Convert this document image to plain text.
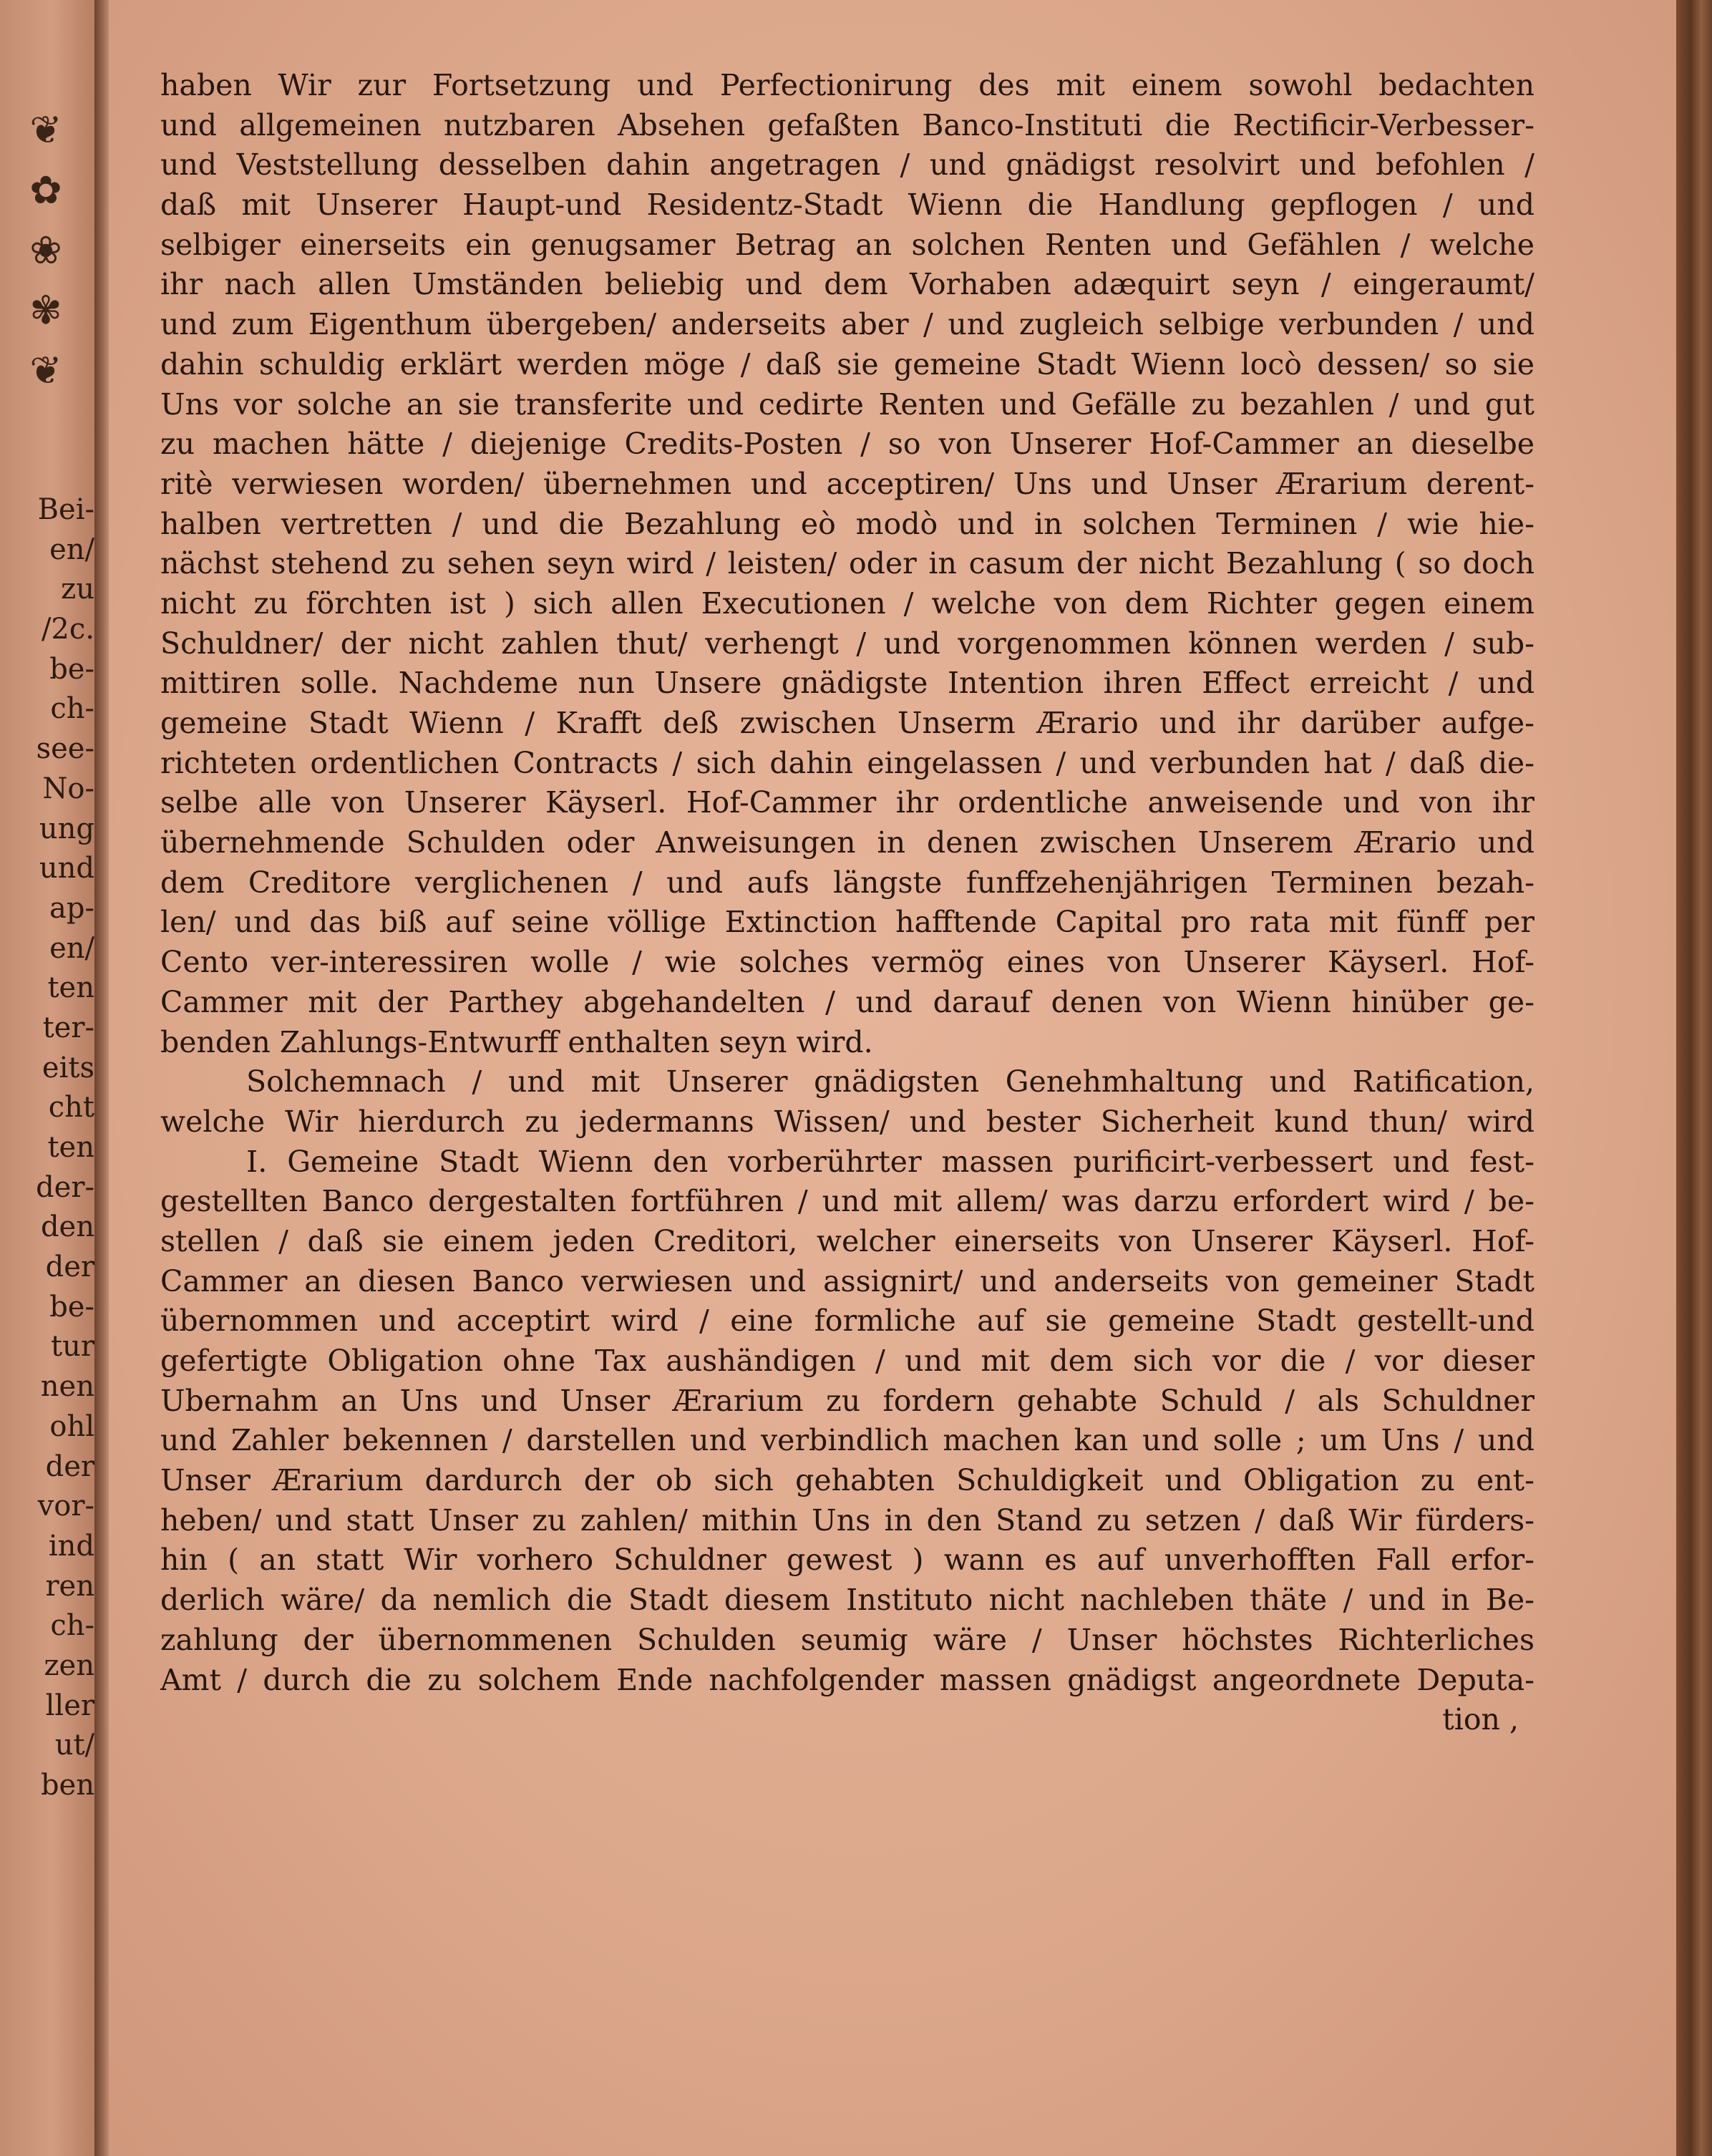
❦
✿
❀
✾
❦
Bei-
en/
zu
/2c.
be-
ch-
see-
No-
ung
und
ap-
en/
ten
ter-
eits
cht
ten
der-
den
der
be-
tur
nen
ohl
der
vor-
ind
ren
ch-
zen
ller
ut/
ben
haben Wir zur Fortsetzung und Perfectionirung des mit einem sowohl bedachten
und allgemeinen nutzbaren Absehen gefaßten Banco-Instituti die Rectificir-Verbesser-
und Veststellung desselben dahin angetragen / und gnädigst resolvirt und befohlen /
daß mit Unserer Haupt-und Residentz-Stadt Wienn die Handlung gepflogen / und
selbiger einerseits ein genugsamer Betrag an solchen Renten und Gefählen / welche
ihr nach allen Umständen beliebig und dem Vorhaben adæquirt seyn / eingeraumt/
und zum Eigenthum übergeben/ anderseits aber / und zugleich selbige verbunden / und
dahin schuldig erklärt werden möge / daß sie gemeine Stadt Wienn locò dessen/ so sie
Uns vor solche an sie transferite und cedirte Renten und Gefälle zu bezahlen / und gut
zu machen hätte / diejenige Credits-Posten / so von Unserer Hof-Cammer an dieselbe
ritè verwiesen worden/ übernehmen und acceptiren/ Uns und Unser Ærarium derent-
halben vertretten / und die Bezahlung eò modò und in solchen Terminen / wie hie-
nächst stehend zu sehen seyn wird / leisten/ oder in casum der nicht Bezahlung ( so doch
nicht zu förchten ist ) sich allen Executionen / welche von dem Richter gegen einem
Schuldner/ der nicht zahlen thut/ verhengt / und vorgenommen können werden / sub-
mittiren solle. Nachdeme nun Unsere gnädigste Intention ihren Effect erreicht / und
gemeine Stadt Wienn / Krafft deß zwischen Unserm Ærario und ihr darüber aufge-
richteten ordentlichen Contracts / sich dahin eingelassen / und verbunden hat / daß die-
selbe alle von Unserer Käyserl. Hof-Cammer ihr ordentliche anweisende und von ihr
übernehmende Schulden oder Anweisungen in denen zwischen Unserem Ærario und
dem Creditore verglichenen / und aufs längste funffzehenjährigen Terminen bezah-
len/ und das biß auf seine völlige Extinction hafftende Capital pro rata mit fünff per
Cento ver-interessiren wolle / wie solches vermög eines von Unserer Käyserl. Hof-
Cammer mit der Parthey abgehandelten / und darauf denen von Wienn hinüber ge-
benden Zahlungs-Entwurff enthalten seyn wird.
Solchemnach / und mit Unserer gnädigsten Genehmhaltung und Ratification,
welche Wir hierdurch zu jedermanns Wissen/ und bester Sicherheit kund thun/ wird
I. Gemeine Stadt Wienn den vorberührter massen purificirt-verbessert und fest-
gestellten Banco dergestalten fortführen / und mit allem/ was darzu erfordert wird / be-
stellen / daß sie einem jeden Creditori, welcher einerseits von Unserer Käyserl. Hof-
Cammer an diesen Banco verwiesen und assignirt/ und anderseits von gemeiner Stadt
übernommen und acceptirt wird / eine formliche auf sie gemeine Stadt gestellt-und
gefertigte Obligation ohne Tax aushändigen / und mit dem sich vor die / vor dieser
Ubernahm an Uns und Unser Ærarium zu fordern gehabte Schuld / als Schuldner
und Zahler bekennen / darstellen und verbindlich machen kan und solle ; um Uns / und
Unser Ærarium dardurch der ob sich gehabten Schuldigkeit und Obligation zu ent-
heben/ und statt Unser zu zahlen/ mithin Uns in den Stand zu setzen / daß Wir fürders-
hin ( an statt Wir vorhero Schuldner gewest ) wann es auf unverhofften Fall erfor-
derlich wäre/ da nemlich die Stadt diesem Instituto nicht nachleben thäte / und in Be-
zahlung der übernommenen Schulden seumig wäre / Unser höchstes Richterliches
Amt / durch die zu solchem Ende nachfolgender massen gnädigst angeordnete Deputa-
tion ,
